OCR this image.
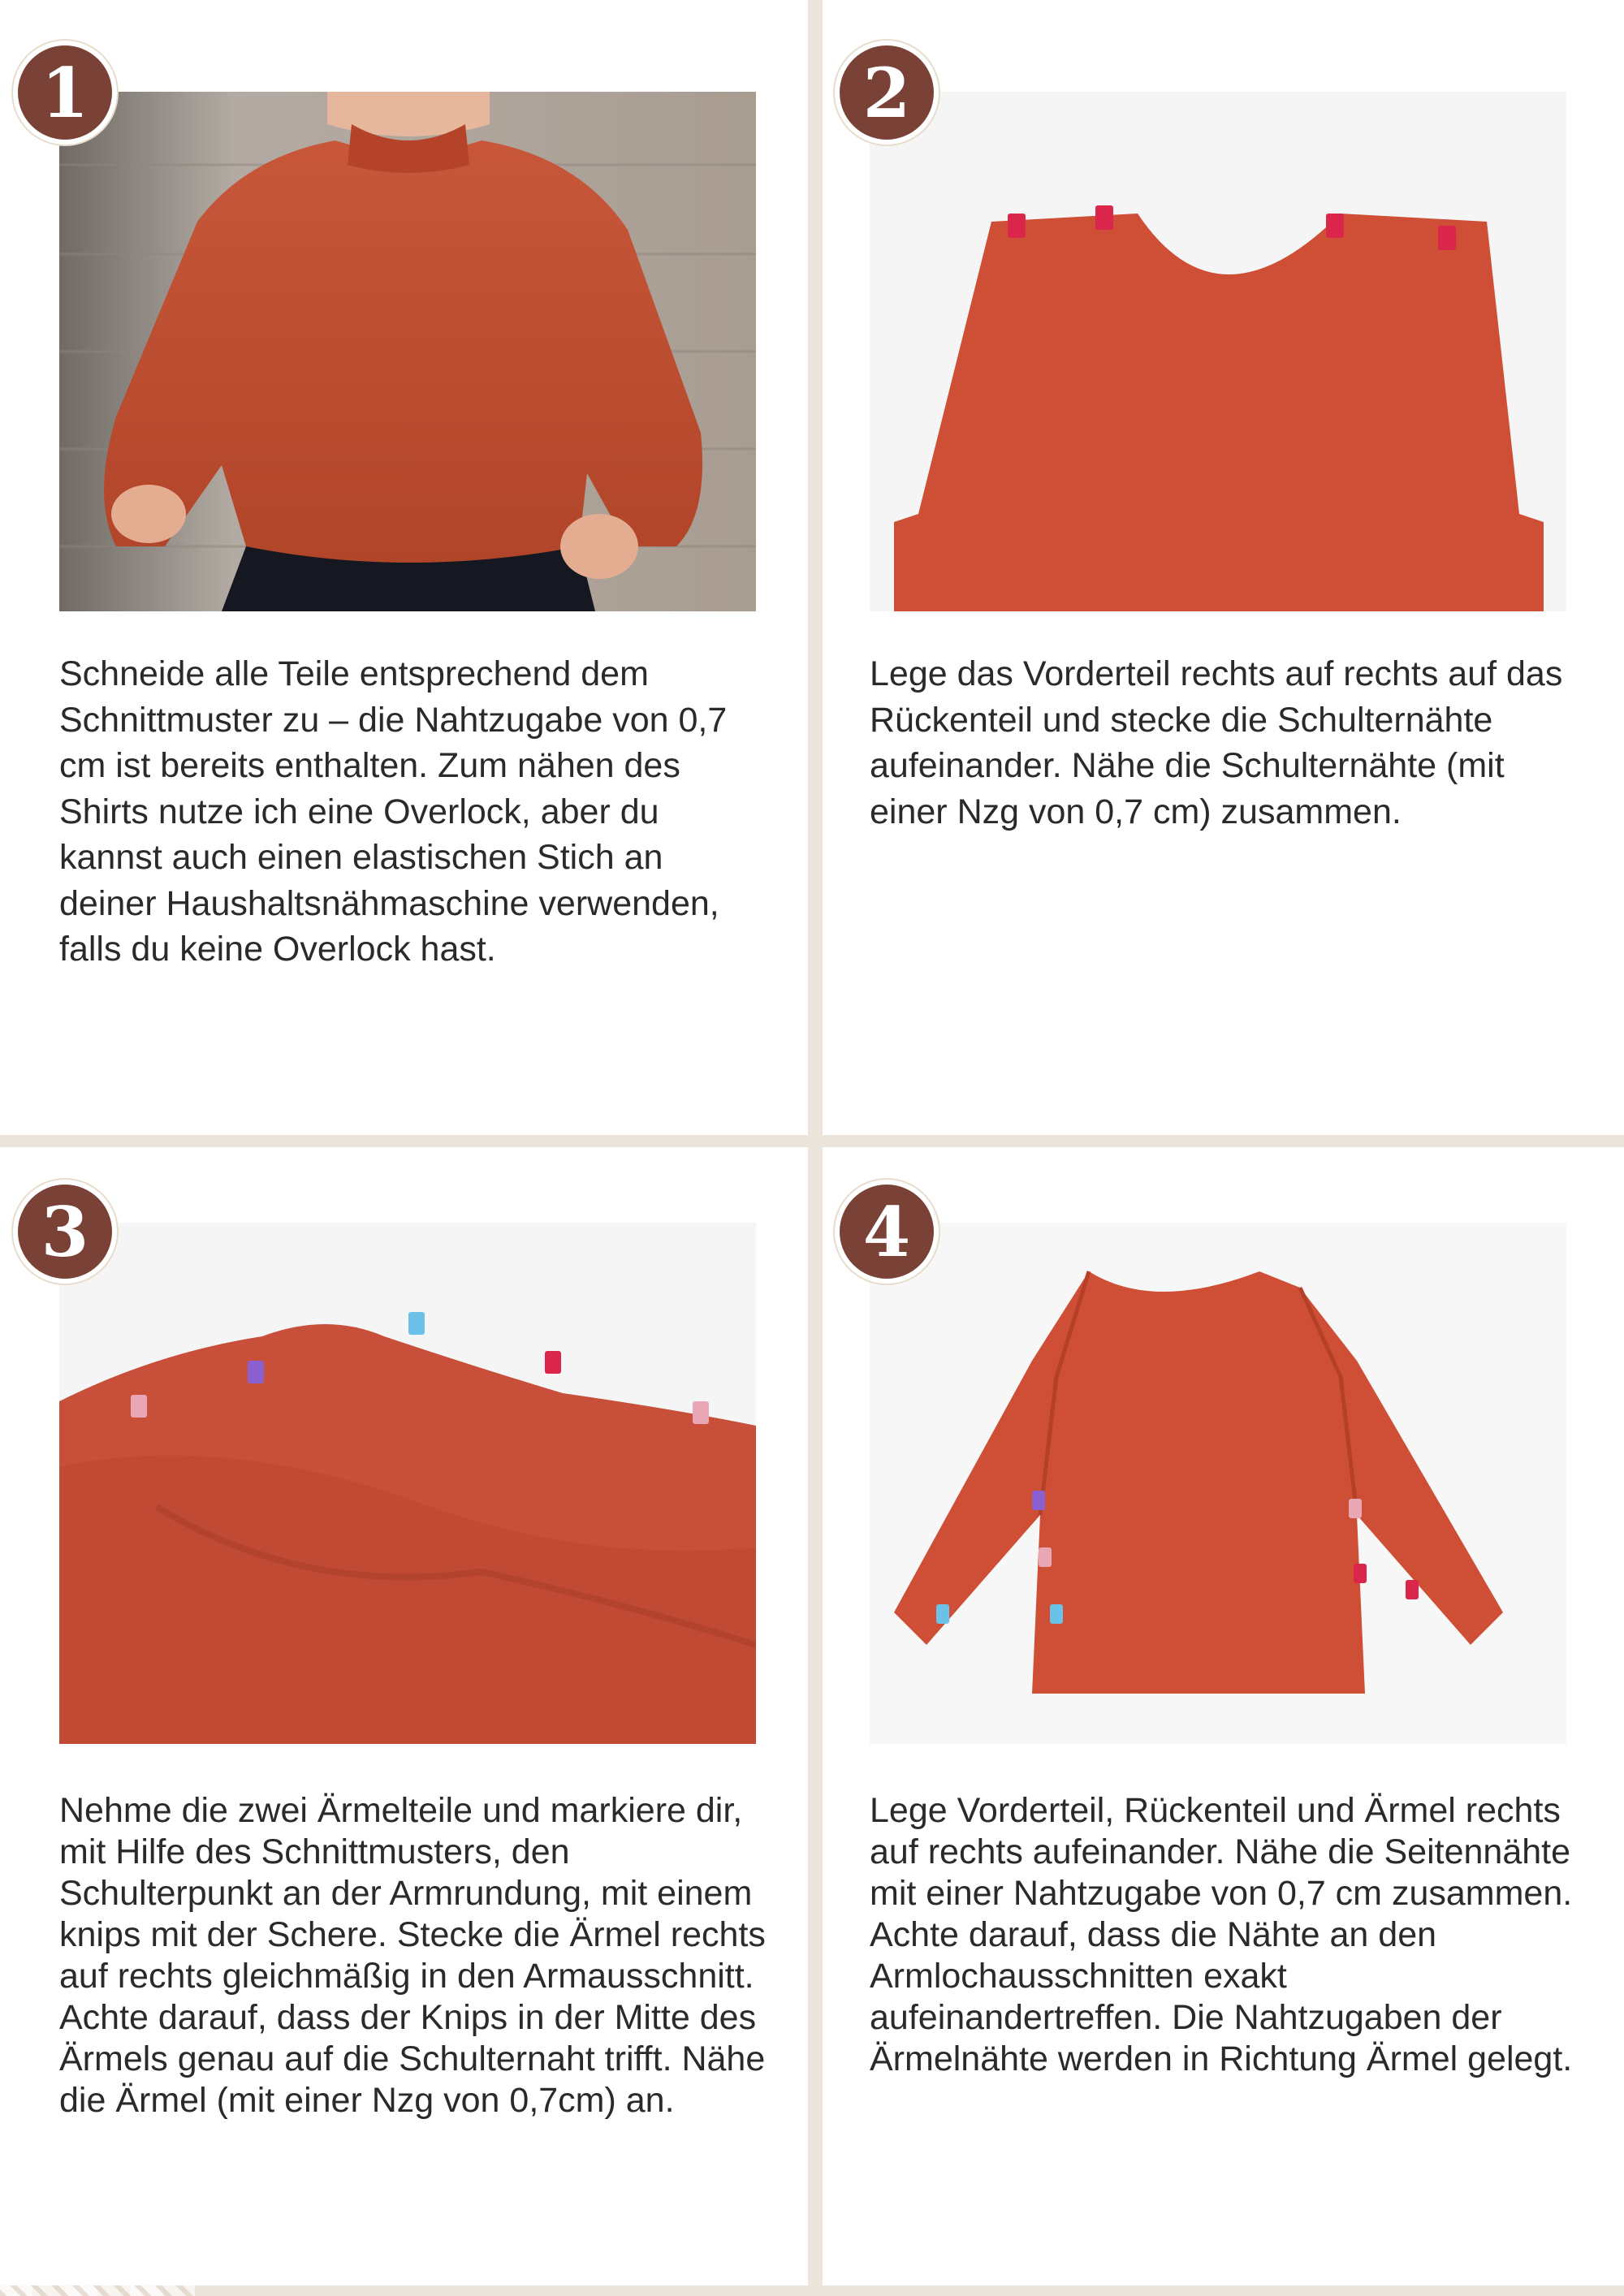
1

Schneide alle Teile entsprechend dem Schnittmuster zu – die Nahtzugabe von 0,7 cm ist bereits enthalten. Zum nähen des Shirts nutze ich eine Overlock, aber du kannst auch einen elastischen Stich an deiner Haushaltsnähmaschine verwenden, falls du keine Overlock hast.

2

Lege das Vorderteil rechts auf rechts auf das Rückenteil und stecke die Schulternähte aufeinander. Nähe die Schulternähte (mit einer Nzg von 0,7 cm) zusammen.

3

Nehme die zwei Ärmelteile und markiere dir, mit Hilfe des Schnittmusters, den Schulterpunkt an der Armrundung, mit einem knips mit der Schere. Stecke die Ärmel rechts auf rechts gleichmäßig in den Armausschnitt. Achte darauf, dass der Knips in der Mitte des Ärmels genau auf die Schulternaht trifft. Nähe die Ärmel (mit einer Nzg von 0,7cm) an.

4

Lege Vorderteil, Rückenteil und Ärmel rechts auf rechts aufeinander. Nähe die Seitennähte mit einer Nahtzugabe von 0,7 cm zusammen. Achte darauf, dass die Nähte an den Armlochausschnitten exakt aufeinandertreffen. Die Nahtzugaben der Ärmelnähte werden in Richtung Ärmel gelegt.
